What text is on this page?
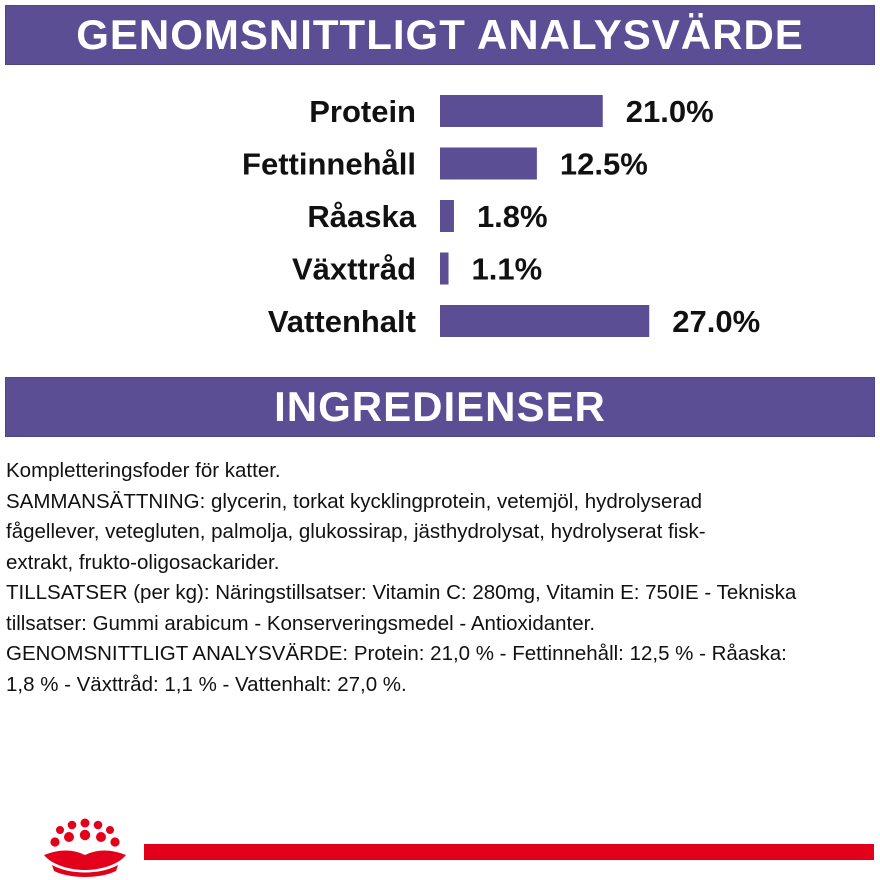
GENOMSNITTLIGT ANALYSVÄRDE
Protein	21.0%
Fettinnehåll	12.5%
Råaska 1.8%
Växttråd 1.1%
Vattenhalt	27.0%
INGREDIENSER

Kompletteringsfoder för katter.

SAMMANSÄTTNING: glycerin, torkat kycklingprotein, vetemjöl, hydrolyserad

fågellever, vetegluten, palmolja, glukossirap, jästhydrolysat, hydrolyserat fisk-

extrakt, frukto-oligosackarider.

TILLSATSER (per kg): Näringstillsatser: Vitamin C: 280mg, Vitamin E: 750IE - Tekniska

tillsatser: Gummi arabicum - Konserveringsmedel - Antioxidanter.

GENOMSNITTLIGT ANALYSVÄRDE: Protein: 21,0 % - Fettinnehåll: 12,5 % - Råaska:

1,8 % - Växttråd: 1,1 % - Vattenhalt: 27,0 %.
